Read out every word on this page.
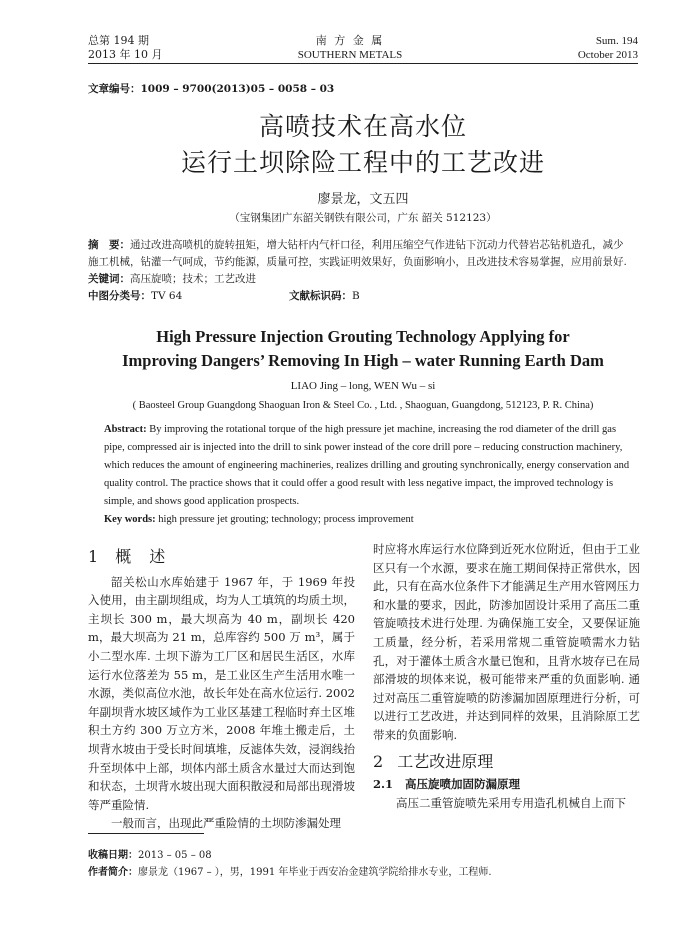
总第 194 期
2013 年 10 月
南 方 金 属
SOUTHERN METALS
Sum. 194
October 2013
文章编号：1009 – 9700(2013)05 – 0058 – 03
高喷技术在高水位
运行土坝除险工程中的工艺改进
廖景龙，文五四
（宝钢集团广东韶关钢铁有限公司，广东 韶关 512123）
摘　要：通过改进高喷机的旋转扭矩，增大钻杆内气杆口径，利用压缩空气作进钻下沉动力代替岩芯钻机造孔，减少
施工机械，钻灌一气呵成，节约能源，质量可控，实践证明效果好，负面影响小，且改进技术容易掌握，应用前景好.
关键词：高压旋喷；技术；工艺改进
中图分类号：TV 64	文献标识码：B
High Pressure Injection Grouting Technology Applying for
Improving Dangers’ Removing In High – water Running Earth Dam
LIAO Jing – long, WEN Wu – si
( Baosteel Group Guangdong Shaoguan Iron & Steel Co. , Ltd. , Shaoguan, Guangdong, 512123, P. R. China)
Abstract: By improving the rotational torque of the high pressure jet machine, increasing the rod diameter of the drill gas
pipe, compressed air is injected into the drill to sink power instead of the core drill pore – reducing construction machinery,
which reduces the amount of engineering machineries, realizes drilling and grouting synchronically, energy conservation and
quality control. The practice shows that it could offer a good result with less negative impact, the improved technology is
simple, and shows good application prospects.
Key words: high pressure jet grouting; technology; process improvement
1 概　述

韶关松山水库始建于 1967 年，于 1969 年投入使用，由主副坝组成，均为人工填筑的均质土坝，主坝长 300 m，最大坝高为 40 m，副坝长 420 m，最大坝高为 21 m，总库容约 500 万 m³，属于小二型水库. 土坝下游为工厂区和居民生活区，水库运行水位落差为 55 m，是工业区生产生活用水唯一水源，类似高位水池，故长年处在高水位运行. 2002 年副坝背水坡区域作为工业区基建工程临时弃土区堆积土方约 300 万立方米，2008 年堆土搬走后，土坝背水坡由于受长时间填堆，反滤体失效，浸润线抬升至坝体中上部，坝体内部土质含水量过大而达到饱和状态，土坝背水坡出现大面积散浸和局部出现滑坡等严重险情.

一般而言，出现此严重险情的土坝防渗漏处理

时应将水库运行水位降到近死水位附近，但由于工业区只有一个水源，要求在施工期间保持正常供水，因此，只有在高水位条件下才能满足生产用水管网压力和水量的要求，因此，防渗加固设计采用了高压二重管旋喷技术进行处理. 为确保施工安全，又要保证施工质量，经分析，若采用常规二重管旋喷需水力钻孔，对于灌体土质含水量已饱和，且背水坡存已在局部滑坡的坝体来说，极可能带来严重的负面影响. 通过对高压二重管旋喷的防渗漏加固原理进行分析，可以进行工艺改进，并达到同样的效果，且消除原工艺带来的负面影响.

2 工艺改进原理
2.1 高压旋喷加固防漏原理

高压二重管旋喷先采用专用造孔机械自上而下

收稿日期：2013 – 05 – 08
作者简介：廖景龙（1967 – ），男，1991 年毕业于西安冶金建筑学院给排水专业，工程师.
